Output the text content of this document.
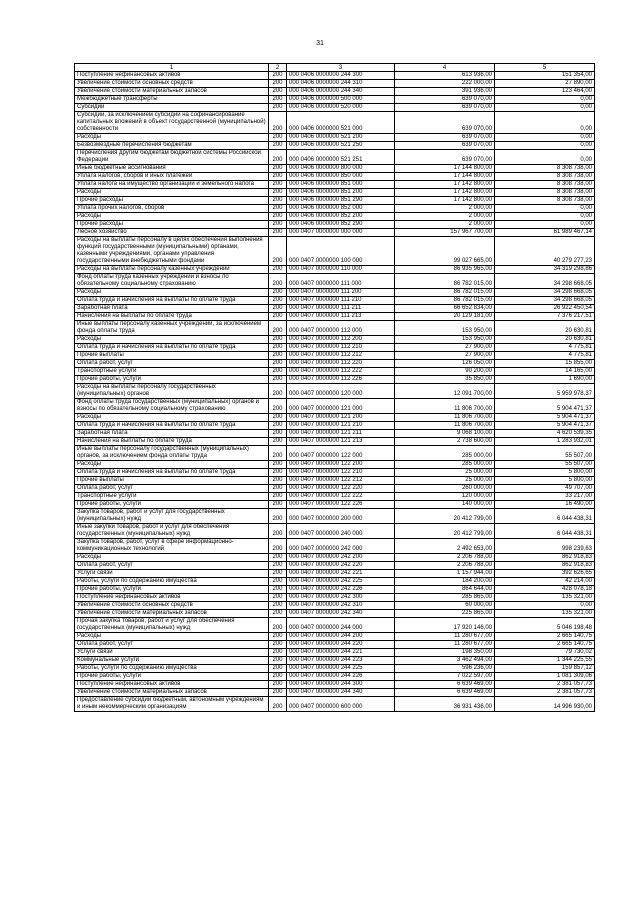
31
1	2	3	4	5
Поступление нефинансовых активов	200	000 0406 0000000 244 300	613 936,00	151 354,00
Увеличение стоимости основных средств	200	000 0406 0000000 244 310	222 000,00	27 890,00
Увеличение стоимости материальных запасов	200	000 0406 0000000 244 340	391 936,00	123 464,00
Межбюджетные трансферты	200	000 0406 0000000 500 000	639 070,00	0,00
Субсидии	200	000 0406 0000000 520 000	639 070,00	0,00
Субсидии, за исключением субсидий на софинансирование капитальных вложений в объект государственной (муниципальной) собственности	200	000 0406 0000000 521 000	639 070,00	0,00
Расходы	200	000 0406 0000000 521 200	639 070,00	0,00
Безвозмездные перечисления бюджетам	200	000 0406 0000000 521 250	639 070,00	0,00
Перечисления другим бюджетам бюджетной системы Российской Федерации	200	000 0406 0000000 521 251	639 070,00	0,00
Иные бюджетные ассигнования	200	000 0406 0000000 800 000	17 144 800,00	8 308 738,00
Уплата налогов, сборов и иных платежей	200	000 0406 0000000 850 000	17 144 800,00	8 308 738,00
Уплата налога на имущество организаций и земельного налога	200	000 0406 0000000 851 000	17 142 800,00	8 308 738,00
Расходы	200	000 0406 0000000 851 200	17 142 800,00	8 308 738,00
Прочие расходы	200	000 0406 0000000 851 290	17 142 800,00	8 308 738,00
Уплата прочих налогов, сборов	200	000 0406 0000000 852 000	2 000,00	0,00
Расходы	200	000 0406 0000000 852 200	2 000,00	0,00
Прочие расходы	200	000 0406 0000000 852 290	2 000,00	0,00
Лесное хозяйство	200	000 0407 0000000 000 000	157 967 700,00	61 989 467,14
Расходы на выплаты персоналу в целях обеспечения выполнения функций государственными (муниципальными) органами, казенными учреждениями, органами управления государственными внебюджетными фондами	200	000 0407 0000000 100 000	99 027 665,00	40 279 277,23
Расходы на выплаты персоналу казенных учреждений	200	000 0407 0000000 110 000	86 935 965,00	34 319 298,86
Фонд оплаты труда казенных учреждений и взносы по обязательному социальному страхованию	200	000 0407 0000000 111 000	86 782 015,00	34 298 668,05
Расходы	200	000 0407 0000000 111 200	86 782 015,00	34 298 668,05
Оплата труда и начисления на выплаты по оплате труда	200	000 0407 0000000 111 210	86 782 015,00	34 298 668,05
Заработная плата	200	000 0407 0000000 111 211	66 652 834,00	26 922 450,54
Начисления на выплаты по оплате труда	200	000 0407 0000000 111 213	20 129 181,00	7 376 217,51
Иные выплаты персоналу казенных учреждений, за исключением фонда оплаты труда	200	000 0407 0000000 112 000	153 950,00	20 630,81
Расходы	200	000 0407 0000000 112 200	153 950,00	20 630,81
Оплата труда и начисления на выплаты по оплате труда	200	000 0407 0000000 112 210	27 900,00	4 775,81
Прочие выплаты	200	000 0407 0000000 112 212	27 900,00	4 775,81
Оплата работ, услуг	200	000 0407 0000000 112 220	126 050,00	15 855,00
Транспортные услуги	200	000 0407 0000000 112 222	90 200,00	14 165,00
Прочие работы, услуги	200	000 0407 0000000 112 226	35 850,00	1 690,00
Расходы на выплаты персоналу государственных (муниципальных) органов	200	000 0407 0000000 120 000	12 091 700,00	5 959 978,37
Фонд оплаты труда государственных (муниципальных) органов и взносы по обязательному социальному страхованию	200	000 0407 0000000 121 000	11 806 700,00	5 904 471,37
Расходы	200	000 0407 0000000 121 200	11 806 700,00	5 904 471,37
Оплата труда и начисления на выплаты по оплате труда	200	000 0407 0000000 121 210	11 806 700,00	5 904 471,37
Заработная плата	200	000 0407 0000000 121 211	9 068 100,00	4 620 539,35
Начисления на выплаты по оплате труда	200	000 0407 0000000 121 213	2 738 600,00	1 283 932,01
Иные выплаты персоналу государственных (муниципальных) органов, за исключением фонда оплаты труда	200	000 0407 0000000 122 000	285 000,00	55 507,00
Расходы	200	000 0407 0000000 122 200	285 000,00	55 507,00
Оплата труда и начисления на выплаты по оплате труда	200	000 0407 0000000 122 210	25 000,00	5 800,00
Прочие выплаты	200	000 0407 0000000 122 212	25 000,00	5 800,00
Оплата работ, услуг	200	000 0407 0000000 122 220	260 000,00	49 707,00
Транспортные услуги	200	000 0407 0000000 122 222	120 000,00	33 217,00
Прочие работы, услуги	200	000 0407 0000000 122 226	140 000,00	16 490,00
Закупка товаров, работ и услуг для государственных (муниципальных) нужд	200	000 0407 0000000 200 000	20 412 799,00	6 044 438,31
Иные закупки товаров, работ и услуг для обеспечения государственных (муниципальных) нужд	200	000 0407 0000000 240 000	20 412 799,00	6 044 438,31
Закупка товаров, работ, услуг в сфере информационно-коммуникационных технологий	200	000 0407 0000000 242 000	2 492 653,00	998 239,63
Расходы	200	000 0407 0000000 242 200	2 206 788,00	862 918,83
Оплата работ, услуг	200	000 0407 0000000 242 220	2 206 788,00	862 918,83
Услуги связи	200	000 0407 0000000 242 221	1 157 944,00	392 626,65
Работы, услуги по содержанию имущества	200	000 0407 0000000 242 225	184 200,00	42 214,00
Прочие работы, услуги	200	000 0407 0000000 242 226	864 644,00	428 078,18
Поступление нефинансовых активов	200	000 0407 0000000 242 300	285 865,00	135 321,00
Увеличение стоимости основных средств	200	000 0407 0000000 242 310	60 000,00	0,00
Увеличение стоимости материальных запасов	200	000 0407 0000000 242 340	225 865,00	135 321,00
Прочая закупка товаров, работ и услуг для обеспечения государственных (муниципальных) нужд	200	000 0407 0000000 244 000	17 920 146,00	5 046 198,48
Расходы	200	000 0407 0000000 244 200	11 280 677,00	2 665 140,75
Оплата работ, услуг	200	000 0407 0000000 244 220	11 280 677,00	2 665 140,75
Услуги связи	200	000 0407 0000000 244 221	198 350,00	79 730,02
Коммунальные услуги	200	000 0407 0000000 244 223	3 462 494,00	1 344 225,55
Работы, услуги по содержанию имущества	200	000 0407 0000000 244 225	596 236,00	159 857,12
Прочие работы, услуги	200	000 0407 0000000 244 226	7 022 597,00	1 081 309,06
Поступление нефинансовых активов	200	000 0407 0000000 244 300	6 639 469,00	2 381 057,73
Увеличение стоимости материальных запасов	200	000 0407 0000000 244 340	6 639 469,00	2 381 057,73
Предоставление субсидий бюджетным, автономным учреждениям и иным некоммерческим организациям	200	000 0407 0000000 600 000	36 931 436,00	14 996 930,00
